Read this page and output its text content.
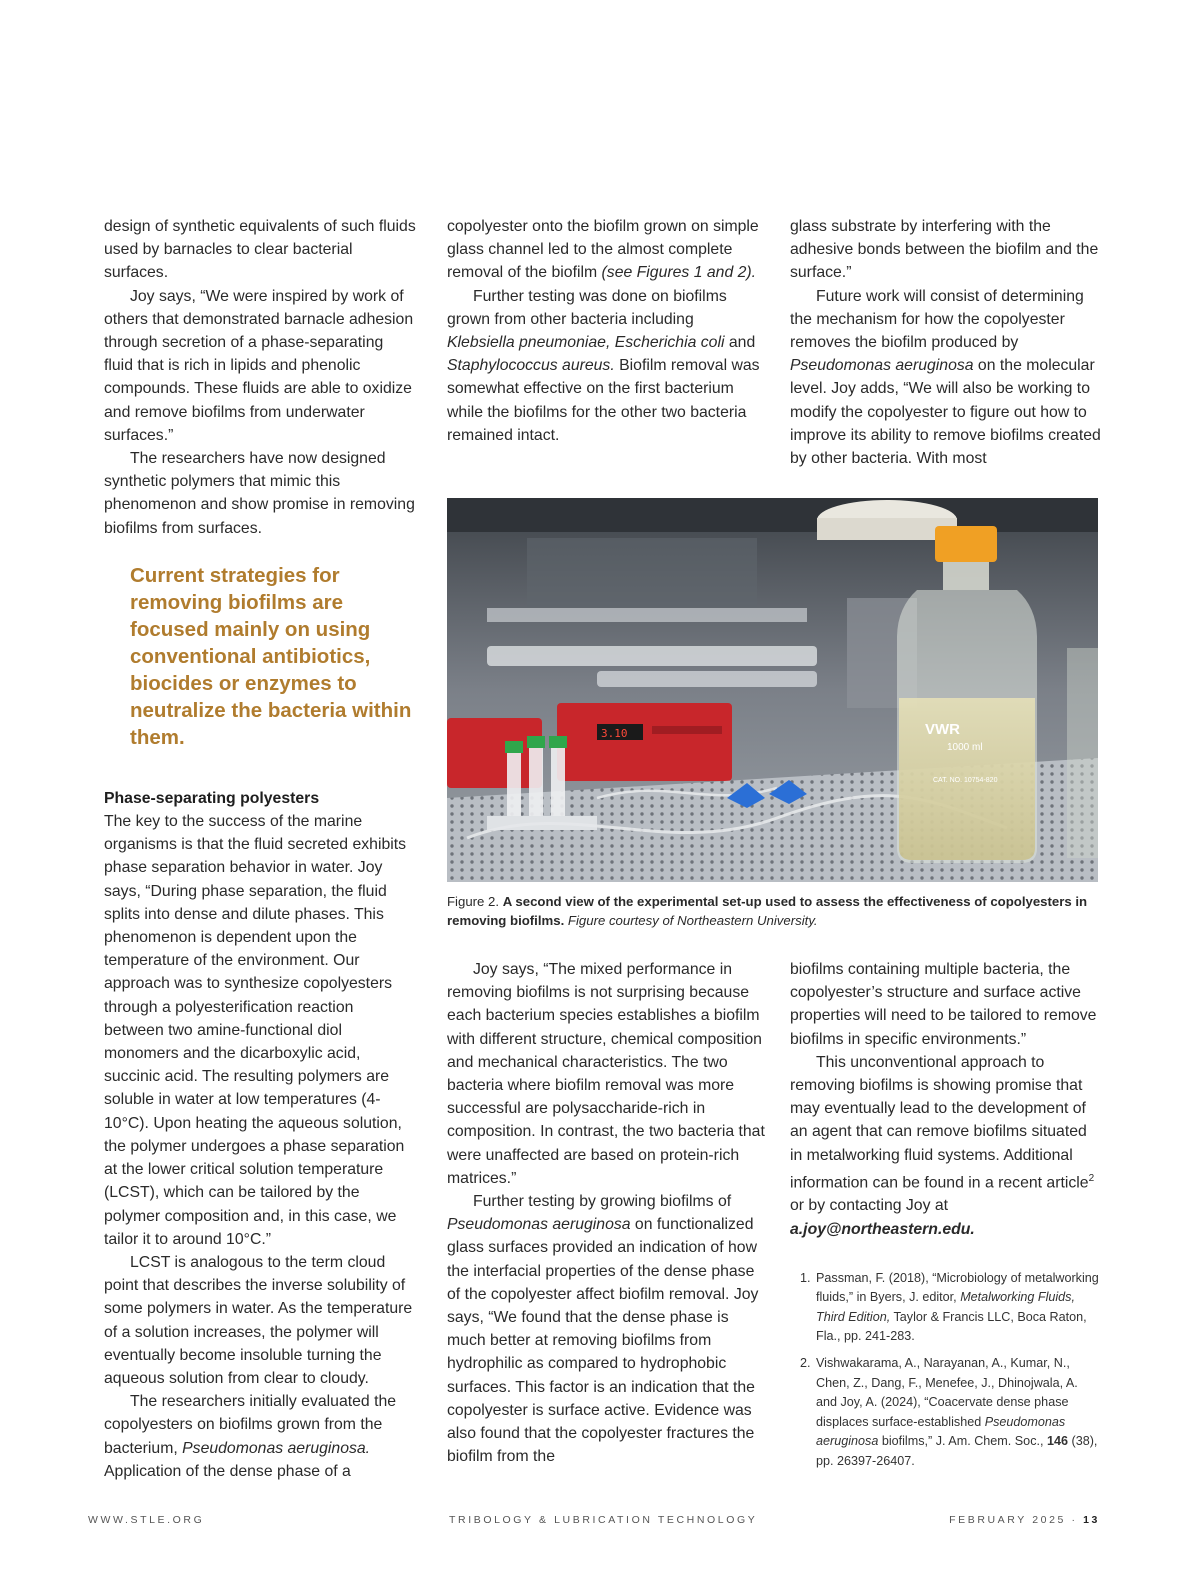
design of synthetic equivalents of such fluids used by barnacles to clear bacterial surfaces.

Joy says, “We were inspired by work of others that demonstrated barnacle adhesion through secretion of a phase-separating fluid that is rich in lipids and phenolic compounds. These fluids are able to oxidize and remove biofilms from underwater surfaces.”

The researchers have now designed synthetic polymers that mimic this phenomenon and show promise in removing biofilms from surfaces.

Current strategies for removing biofilms are focused mainly on using conventional antibiotics, biocides or enzymes to neutralize the bacteria within them.

Phase-separating polyesters

The key to the success of the marine organisms is that the fluid secreted exhibits phase separation behavior in water. Joy says, “During phase separation, the fluid splits into dense and dilute phases. This phenomenon is dependent upon the temperature of the environment. Our approach was to synthesize copolyesters through a polyesterification reaction between two amine-functional diol monomers and the dicarboxylic acid, succinic acid. The resulting polymers are soluble in water at low temperatures (4-10°C). Upon heating the aqueous solution, the polymer undergoes a phase separation at the lower critical solution temperature (LCST), which can be tailored by the polymer composition and, in this case, we tailor it to around 10°C.”

LCST is analogous to the term cloud point that describes the inverse solubility of some polymers in water. As the temperature of a solution increases, the polymer will eventually become insoluble turning the aqueous solution from clear to cloudy.

The researchers initially evaluated the copolyesters on biofilms grown from the bacterium, Pseudomonas aeruginosa. Application of the dense phase of a

copolyester onto the biofilm grown on simple glass channel led to the almost complete removal of the biofilm (see Figures 1 and 2).

Further testing was done on biofilms grown from other bacteria including Klebsiella pneumoniae, Escherichia coli and Staphylococcus aureus. Biofilm removal was somewhat effective on the first bacterium while the biofilms for the other two bacteria remained intact.

glass substrate by interfering with the adhesive bonds between the biofilm and the surface.”

Future work will consist of determining the mechanism for how the copolyester removes the biofilm produced by Pseudomonas aeruginosa on the molecular level. Joy adds, “We will also be working to modify the copolyester to figure out how to improve its ability to remove biofilms created by other bacteria. With most

3.10	VWR
1000 ml
CAT. NO. 10754-820
Figure 2. A second view of the experimental set-up used to assess the effectiveness of copolyesters in removing biofilms. Figure courtesy of Northeastern University.

Joy says, “The mixed performance in removing biofilms is not surprising because each bacterium species establishes a biofilm with different structure, chemical composition and mechanical characteristics. The two bacteria where biofilm removal was more successful are polysaccharide-rich in composition. In contrast, the two bacteria that were unaffected are based on protein-rich matrices.”

Further testing by growing biofilms of Pseudomonas aeruginosa on functionalized glass surfaces provided an indication of how the interfacial properties of the dense phase of the copolyester affect biofilm removal. Joy says, “We found that the dense phase is much better at removing biofilms from hydrophilic as compared to hydrophobic surfaces. This factor is an indication that the copolyester is surface active. Evidence was also found that the copolyester fractures the biofilm from the

biofilms containing multiple bacteria, the copolyester’s structure and surface active properties will need to be tailored to remove biofilms in specific environments.”

This unconventional approach to removing biofilms is showing promise that may eventually lead to the development of an agent that can remove biofilms situated in metalworking fluid systems. Additional information can be found in a recent article$^2$ or by contacting Joy at a.joy@northeastern.edu.

1. Passman, F. (2018), “Microbiology of metalworking fluids,” in Byers, J. editor, Metalworking Fluids, Third Edition, Taylor & Francis LLC, Boca Raton, Fla., pp. 241-283.
2. Vishwakarama, A., Narayanan, A., Kumar, N., Chen, Z., Dang, F., Menefee, J., Dhinojwala, A. and Joy, A. (2024), “Coacervate dense phase displaces surface-established Pseudomonas aeruginosa biofilms,” J. Am. Chem. Soc., 146 (38), pp. 26397-26407.
WWW.STLE.ORG	TRIBOLOGY & LUBRICATION TECHNOLOGY	FEBRUARY 2025 · 13
